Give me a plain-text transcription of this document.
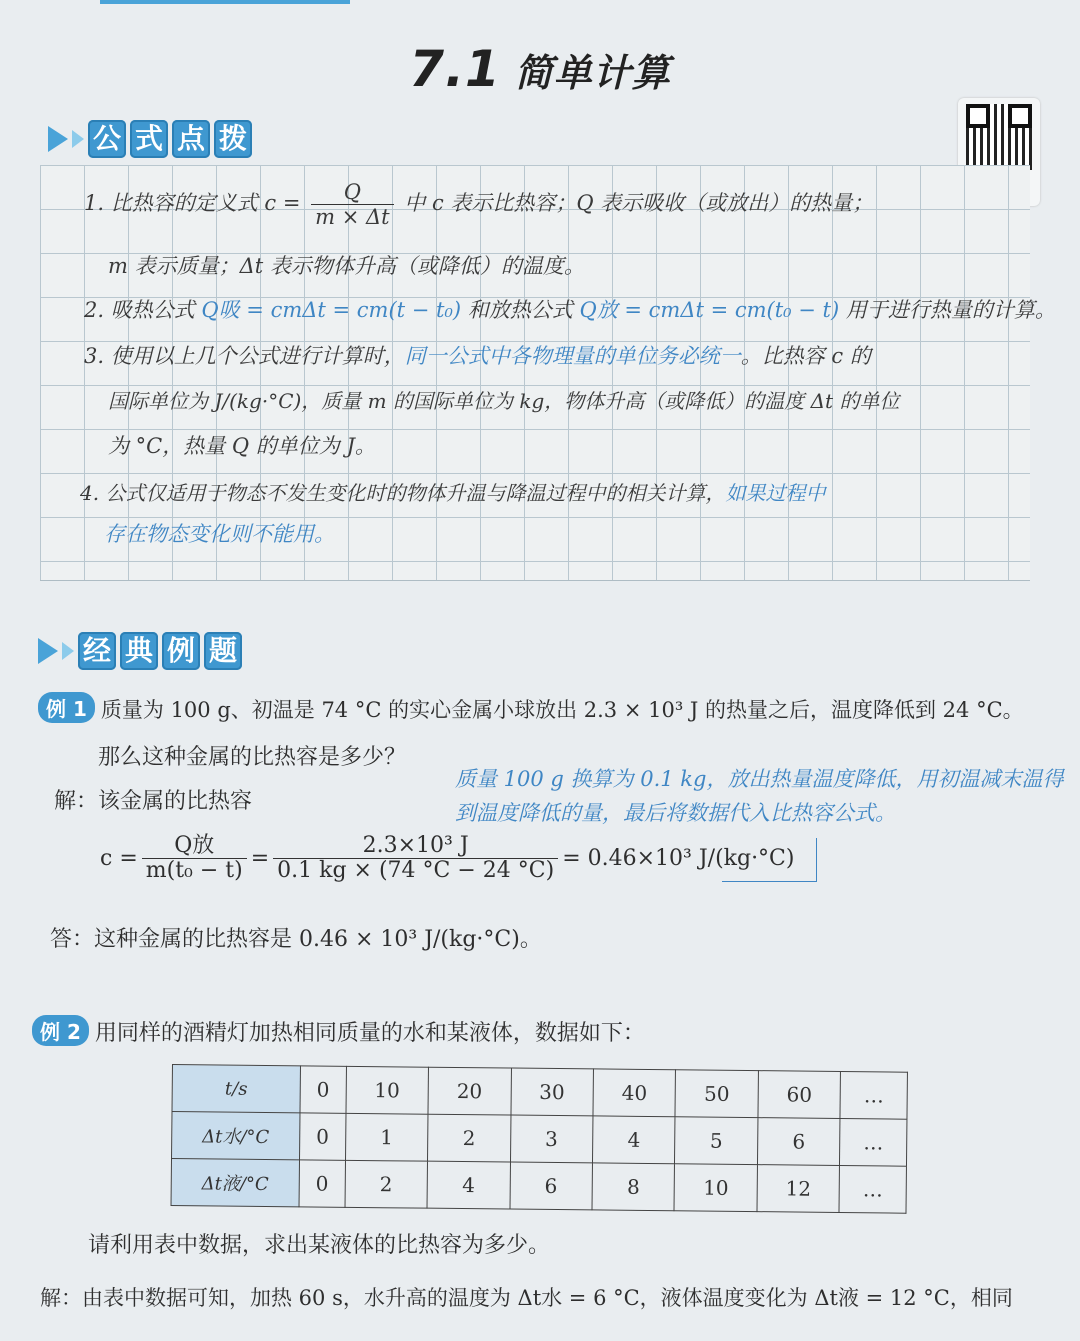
7.1 简单计算
公 式 点 拨
1. 比热容的定义式 $c = \frac{Q}{m \times \Delta t}$ 中 c 表示比热容；Q 表示吸收（或放出）的热量；
m 表示质量；Δt 表示物体升高（或降低）的温度。
2. 吸热公式 Q吸 = cmΔt = cm(t − t₀) 和放热公式 Q放 = cmΔt = cm(t₀ − t) 用于进行热量的计算。
3. 使用以上几个公式进行计算时，同一公式中各物理量的单位务必统一。比热容 c 的
国际单位为 J/(kg·°C)，质量 m 的国际单位为 kg，物体升高（或降低）的温度 Δt 的单位
为 °C，热量 Q 的单位为 J。
4. 公式仅适用于物态不发生变化时的物体升温与降温过程中的相关计算，如果过程中
存在物态变化则不能用。
经 典 例 题
例 1 质量为 100 g、初温是 74 °C 的实心金属小球放出 2.3 × 10³ J 的热量之后，温度降低到 24 °C。
那么这种金属的比热容是多少？
解：该金属的比热容
质量 100 g 换算为 0.1 kg，放出热量温度降低，用初温减末温得到温度降低的量，最后将数据代入比热容公式。
$c = \frac{\text{Q放}}{\text{m(t₀ − t)}} = \frac{\text{2.3×10³ J}}{0.1 kg \times (74 ^\circ C - 24 ^\circ C)} = 0.46\times 10^3$ J/(kg·°C)
答：这种金属的比热容是 0.46 × 10³ J/(kg·°C)。
例 2 用同样的酒精灯加热相同质量的水和某液体，数据如下：
t/s	0	10	20	30	40	50	60	…
Δt水/°C	0	1	2	3	4	5	6	…
Δt液/°C	0	2	4	6	8	10	12	…
请利用表中数据，求出某液体的比热容为多少。
解：由表中数据可知，加热 60 s，水升高的温度为 Δt水 = 6 °C，液体温度变化为 Δt液 = 12 °C，相同
